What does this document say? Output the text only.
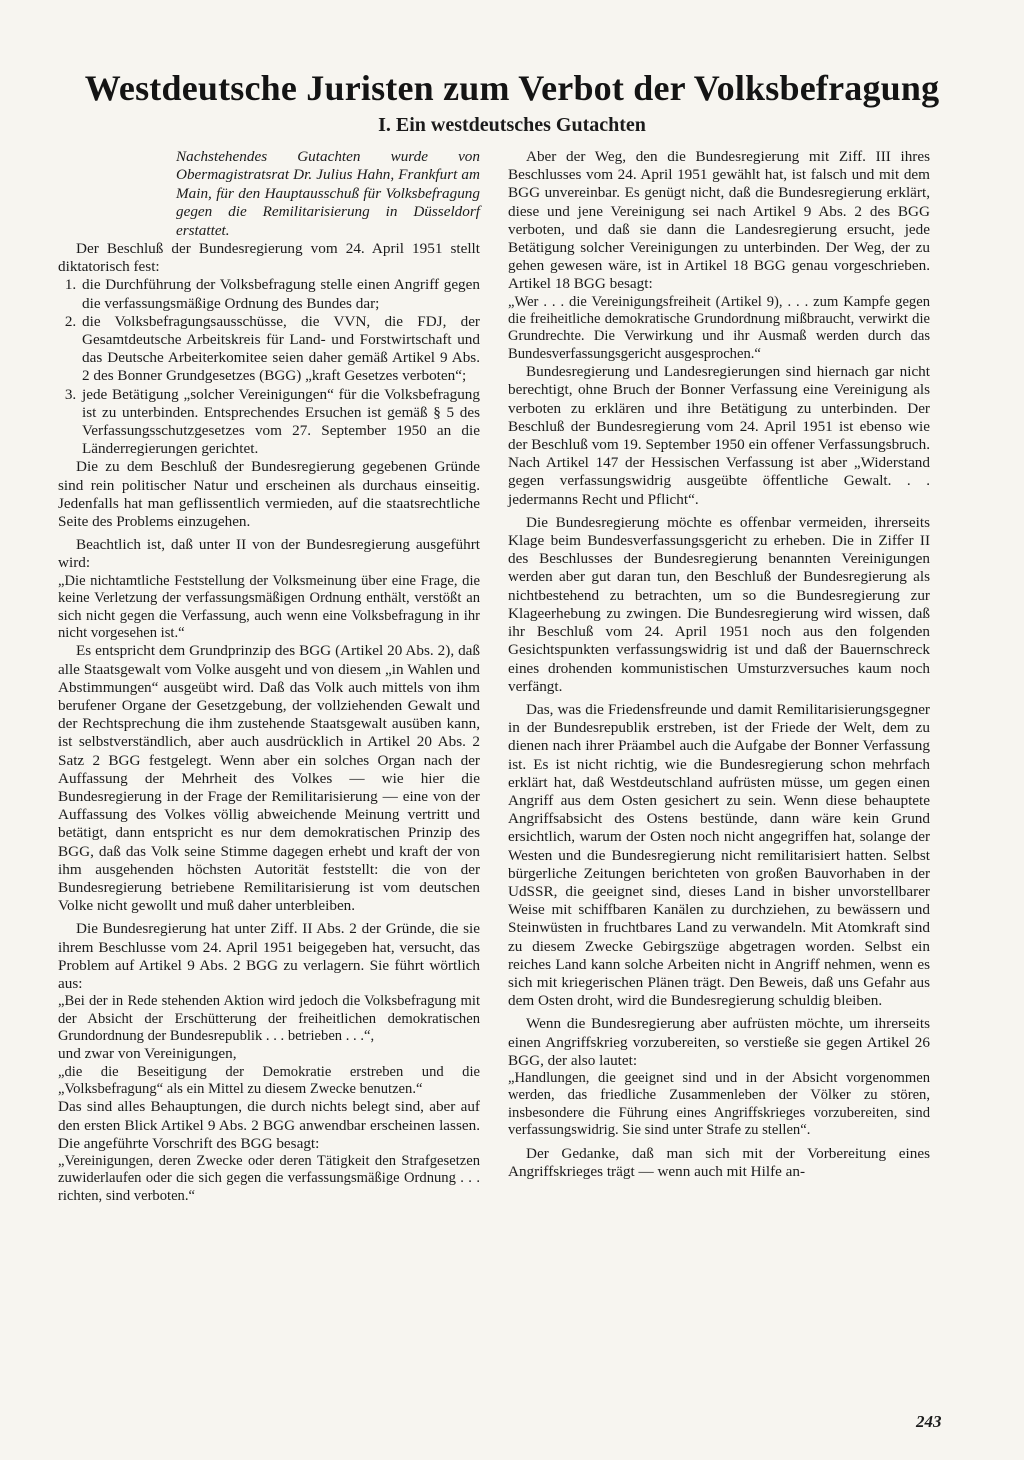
Westdeutsche Juristen zum Verbot der Volksbefragung
I. Ein westdeutsches Gutachten

Nachstehendes Gutachten wurde von Obermagistratsrat Dr. Julius Hahn, Frankfurt am Main, für den Hauptausschuß für Volksbefragung gegen die Remilitarisierung in Düsseldorf erstattet.

Der Beschluß der Bundesregierung vom 24. April 1951 stellt diktatorisch fest:

1. die Durchführung der Volksbefragung stelle einen Angriff gegen die verfassungsmäßige Ordnung des Bundes dar;
2. die Volksbefragungsausschüsse, die VVN, die FDJ, der Gesamtdeutsche Arbeitskreis für Land- und Forstwirtschaft und das Deutsche Arbeiterkomitee seien daher gemäß Artikel 9 Abs. 2 des Bonner Grundgesetzes (BGG) „kraft Gesetzes verboten“;
3. jede Betätigung „solcher Vereinigungen“ für die Volksbefragung ist zu unterbinden. Entsprechendes Ersuchen ist gemäß § 5 des Verfassungsschutzgesetzes vom 27. September 1950 an die Länderregierungen gerichtet.

Die zu dem Beschluß der Bundesregierung gegebenen Gründe sind rein politischer Natur und erscheinen als durchaus einseitig. Jedenfalls hat man geflissentlich vermieden, auf die staatsrechtliche Seite des Problems einzugehen.

Beachtlich ist, daß unter II von der Bundesregierung ausgeführt wird:

„Die nichtamtliche Feststellung der Volksmeinung über eine Frage, die keine Verletzung der verfassungsmäßigen Ordnung enthält, verstößt an sich nicht gegen die Verfassung, auch wenn eine Volksbefragung in ihr nicht vorgesehen ist.“

Es entspricht dem Grundprinzip des BGG (Artikel 20 Abs. 2), daß alle Staatsgewalt vom Volke ausgeht und von diesem „in Wahlen und Abstimmungen“ ausgeübt wird. Daß das Volk auch mittels von ihm berufener Organe der Gesetzgebung, der vollziehenden Gewalt und der Rechtsprechung die ihm zustehende Staatsgewalt ausüben kann, ist selbstverständlich, aber auch ausdrücklich in Artikel 20 Abs. 2 Satz 2 BGG festgelegt. Wenn aber ein solches Organ nach der Auffassung der Mehrheit des Volkes — wie hier die Bundesregierung in der Frage der Remilitarisierung — eine von der Auffassung des Volkes völlig abweichende Meinung vertritt und betätigt, dann entspricht es nur dem demokratischen Prinzip des BGG, daß das Volk seine Stimme dagegen erhebt und kraft der von ihm ausgehenden höchsten Autorität feststellt: die von der Bundesregierung betriebene Remilitarisierung ist vom deutschen Volke nicht gewollt und muß daher unterbleiben.

Die Bundesregierung hat unter Ziff. II Abs. 2 der Gründe, die sie ihrem Beschlusse vom 24. April 1951 beigegeben hat, versucht, das Problem auf Artikel 9 Abs. 2 BGG zu verlagern. Sie führt wörtlich aus:

„Bei der in Rede stehenden Aktion wird jedoch die Volksbefragung mit der Absicht der Erschütterung der freiheitlichen demokratischen Grundordnung der Bundesrepublik . . . betrieben . . .“,

und zwar von Vereinigungen,

„die die Beseitigung der Demokratie erstreben und die „Volksbefragung“ als ein Mittel zu diesem Zwecke benutzen.“

Das sind alles Behauptungen, die durch nichts belegt sind, aber auf den ersten Blick Artikel 9 Abs. 2 BGG anwendbar erscheinen lassen. Die angeführte Vorschrift des BGG besagt:

„Vereinigungen, deren Zwecke oder deren Tätigkeit den Strafgesetzen zuwiderlaufen oder die sich gegen die verfassungsmäßige Ordnung . . . richten, sind verboten.“

Aber der Weg, den die Bundesregierung mit Ziff. III ihres Beschlusses vom 24. April 1951 gewählt hat, ist falsch und mit dem BGG unvereinbar. Es genügt nicht, daß die Bundesregierung erklärt, diese und jene Vereinigung sei nach Artikel 9 Abs. 2 des BGG verboten, und daß sie dann die Landesregierung ersucht, jede Betätigung solcher Vereinigungen zu unterbinden. Der Weg, der zu gehen gewesen wäre, ist in Artikel 18 BGG genau vorgeschrieben. Artikel 18 BGG besagt:

„Wer . . . die Vereinigungsfreiheit (Artikel 9), . . . zum Kampfe gegen die freiheitliche demokratische Grundordnung mißbraucht, verwirkt die Grundrechte. Die Verwirkung und ihr Ausmaß werden durch das Bundesverfassungsgericht ausgesprochen.“

Bundesregierung und Landesregierungen sind hiernach gar nicht berechtigt, ohne Bruch der Bonner Verfassung eine Vereinigung als verboten zu erklären und ihre Betätigung zu unterbinden. Der Beschluß der Bundesregierung vom 24. April 1951 ist ebenso wie der Beschluß vom 19. September 1950 ein offener Verfassungsbruch. Nach Artikel 147 der Hessischen Verfassung ist aber „Widerstand gegen verfassungswidrig ausgeübte öffentliche Gewalt. . . jedermanns Recht und Pflicht“.

Die Bundesregierung möchte es offenbar vermeiden, ihrerseits Klage beim Bundesverfassungsgericht zu erheben. Die in Ziffer II des Beschlusses der Bundesregierung benannten Vereinigungen werden aber gut daran tun, den Beschluß der Bundesregierung als nichtbestehend zu betrachten, um so die Bundesregierung zur Klageerhebung zu zwingen. Die Bundesregierung wird wissen, daß ihr Beschluß vom 24. April 1951 noch aus den folgenden Gesichtspunkten verfassungswidrig ist und daß der Bauernschreck eines drohenden kommunistischen Umsturzversuches kaum noch verfängt.

Das, was die Friedensfreunde und damit Remilitarisierungsgegner in der Bundesrepublik erstreben, ist der Friede der Welt, dem zu dienen nach ihrer Präambel auch die Aufgabe der Bonner Verfassung ist. Es ist nicht richtig, wie die Bundesregierung schon mehrfach erklärt hat, daß Westdeutschland aufrüsten müsse, um gegen einen Angriff aus dem Osten gesichert zu sein. Wenn diese behauptete Angriffsabsicht des Ostens bestünde, dann wäre kein Grund ersichtlich, warum der Osten noch nicht angegriffen hat, solange der Westen und die Bundesregierung nicht remilitarisiert hatten. Selbst bürgerliche Zeitungen berichteten von großen Bauvorhaben in der UdSSR, die geeignet sind, dieses Land in bisher unvorstellbarer Weise mit schiffbaren Kanälen zu durchziehen, zu bewässern und Steinwüsten in fruchtbares Land zu verwandeln. Mit Atomkraft sind zu diesem Zwecke Gebirgszüge abgetragen worden. Selbst ein reiches Land kann solche Arbeiten nicht in Angriff nehmen, wenn es sich mit kriegerischen Plänen trägt. Den Beweis, daß uns Gefahr aus dem Osten droht, wird die Bundesregierung schuldig bleiben.

Wenn die Bundesregierung aber aufrüsten möchte, um ihrerseits einen Angriffskrieg vorzubereiten, so verstieße sie gegen Artikel 26 BGG, der also lautet:

„Handlungen, die geeignet sind und in der Absicht vorgenommen werden, das friedliche Zusammenleben der Völker zu stören, insbesondere die Führung eines Angriffskrieges vorzubereiten, sind verfassungswidrig. Sie sind unter Strafe zu stellen“.

Der Gedanke, daß man sich mit der Vorbereitung eines Angriffskrieges trägt — wenn auch mit Hilfe an-

243
